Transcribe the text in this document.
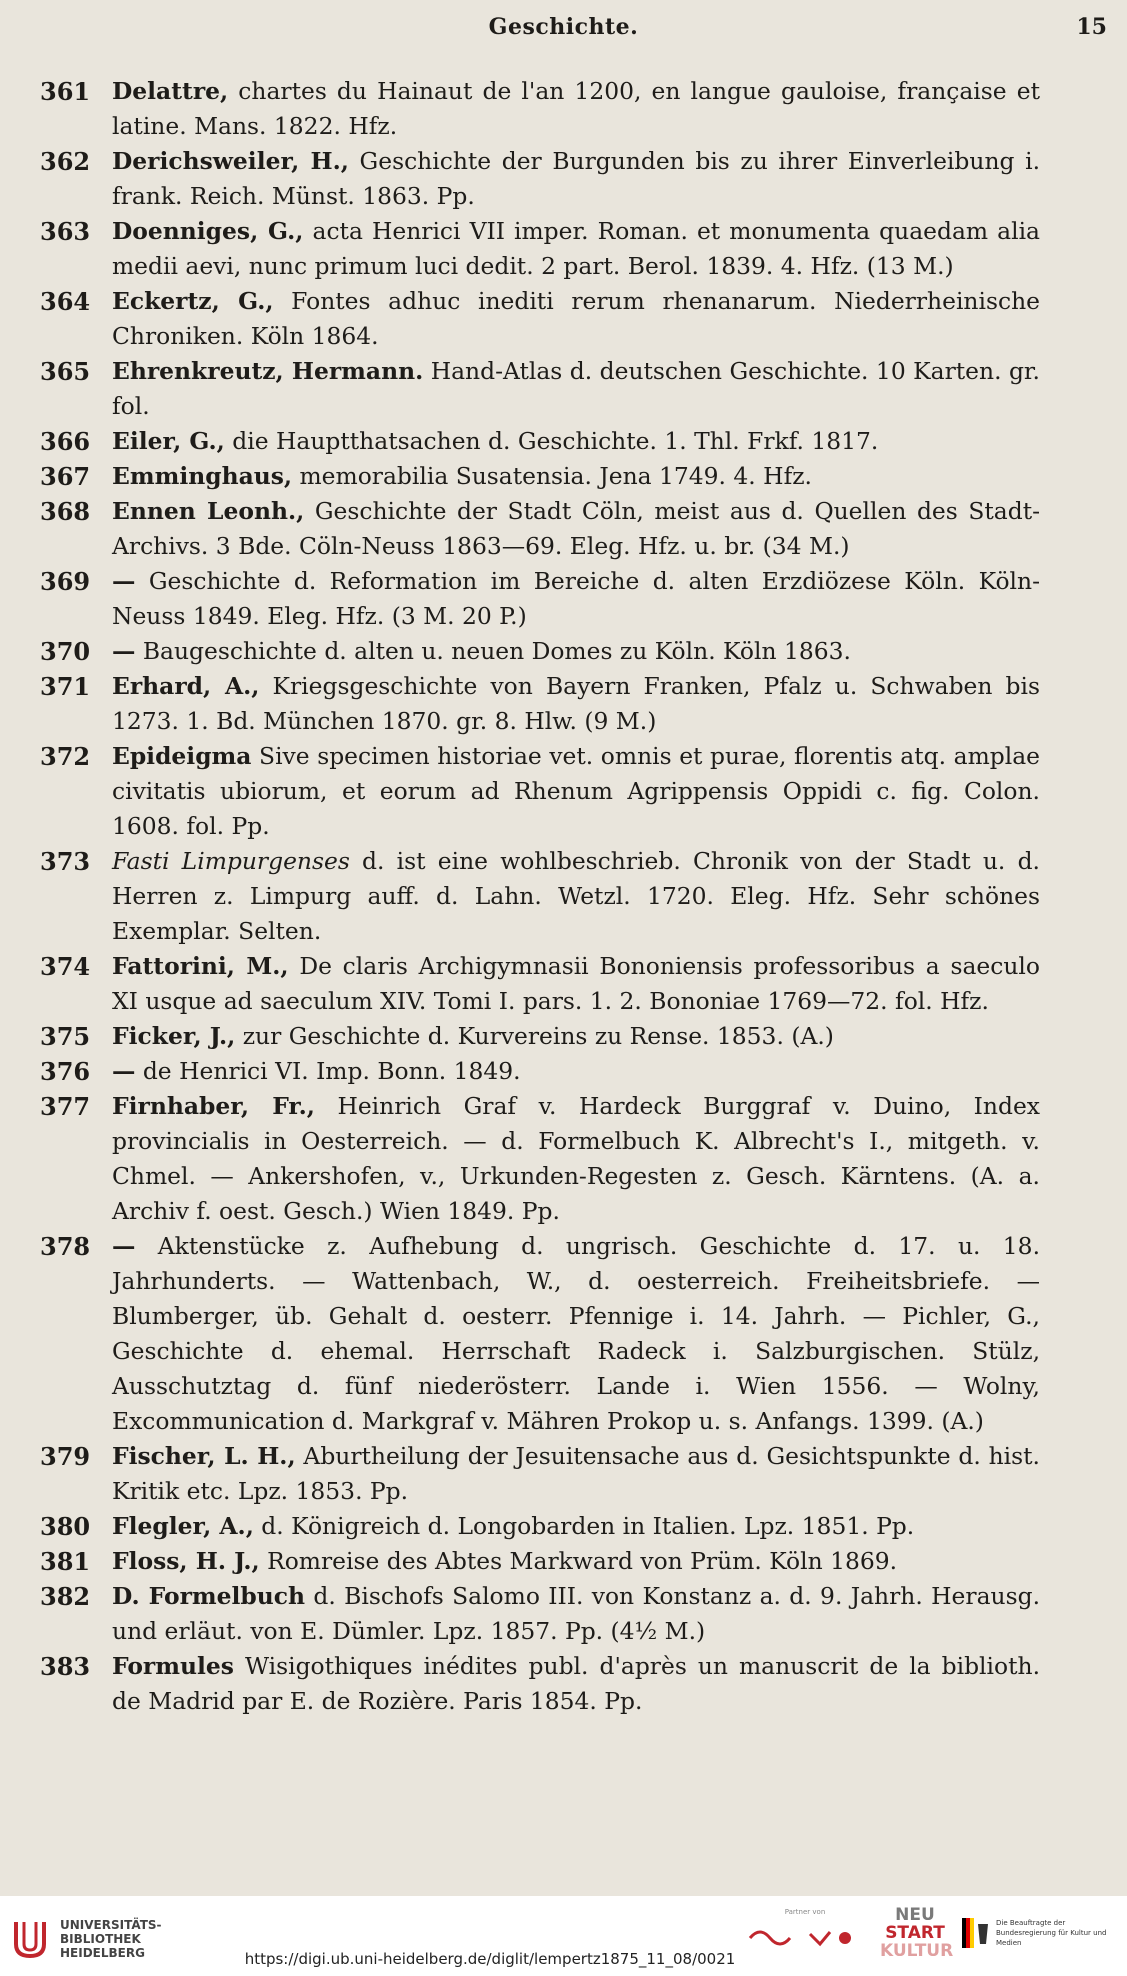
Geschichte.	15
361 Delattre, chartes du Hainaut de l'an 1200, en langue gauloise, française et latine. Mans. 1822. Hfz.
362 Derichsweiler, H., Geschichte der Burgunden bis zu ihrer Einverleibung i. frank. Reich. Münst. 1863. Pp.
363 Doenniges, G., acta Henrici VII imper. Roman. et monumenta quaedam alia medii aevi, nunc primum luci dedit. 2 part. Berol. 1839. 4. Hfz. (13 M.)
364 Eckertz, G., Fontes adhuc inediti rerum rhenanarum. Niederrheinische Chroniken. Köln 1864.
365 Ehrenkreutz, Hermann. Hand-Atlas d. deutschen Geschichte. 10 Karten. gr. fol.
366 Eiler, G., die Hauptthatsachen d. Geschichte. 1. Thl. Frkf. 1817.
367 Emminghaus, memorabilia Susatensia. Jena 1749. 4. Hfz.
368 Ennen Leonh., Geschichte der Stadt Cöln, meist aus d. Quellen des Stadt-Archivs. 3 Bde. Cöln-Neuss 1863—69. Eleg. Hfz. u. br. (34 M.)
369 — Geschichte d. Reformation im Bereiche d. alten Erzdiözese Köln. Köln-Neuss 1849. Eleg. Hfz. (3 M. 20 P.)
370 — Baugeschichte d. alten u. neuen Domes zu Köln. Köln 1863.
371 Erhard, A., Kriegsgeschichte von Bayern Franken, Pfalz u. Schwaben bis 1273. 1. Bd. München 1870. gr. 8. Hlw. (9 M.)
372 Epideigma Sive specimen historiae vet. omnis et purae, florentis atq. amplae civitatis ubiorum, et eorum ad Rhenum Agrippensis Oppidi c. fig. Colon. 1608. fol. Pp.
373 Fasti Limpurgenses d. ist eine wohlbeschrieb. Chronik von der Stadt u. d. Herren z. Limpurg auff. d. Lahn. Wetzl. 1720. Eleg. Hfz. Sehr schönes Exemplar. Selten.
374 Fattorini, M., De claris Archigymnasii Bononiensis professoribus a saeculo XI usque ad saeculum XIV. Tomi I. pars. 1. 2. Bononiae 1769—72. fol. Hfz.
375 Ficker, J., zur Geschichte d. Kurvereins zu Rense. 1853. (A.)
376 — de Henrici VI. Imp. Bonn. 1849.
377 Firnhaber, Fr., Heinrich Graf v. Hardeck Burggraf v. Duino, Index provincialis in Oesterreich. — d. Formelbuch K. Albrecht's I., mitgeth. v. Chmel. — Ankershofen, v., Urkunden-Regesten z. Gesch. Kärntens. (A. a. Archiv f. oest. Gesch.) Wien 1849. Pp.
378 — Aktenstücke z. Aufhebung d. ungrisch. Geschichte d. 17. u. 18. Jahrhunderts. — Wattenbach, W., d. oesterreich. Freiheitsbriefe. — Blumberger, üb. Gehalt d. oesterr. Pfennige i. 14. Jahrh. — Pichler, G., Geschichte d. ehemal. Herrschaft Radeck i. Salzburgischen. Stülz, Ausschutztag d. fünf niederösterr. Lande i. Wien 1556. — Wolny, Excommunication d. Markgraf v. Mähren Prokop u. s. Anfangs. 1399. (A.)
379 Fischer, L. H., Aburtheilung der Jesuitensache aus d. Gesichtspunkte d. hist. Kritik etc. Lpz. 1853. Pp.
380 Flegler, A., d. Königreich d. Longobarden in Italien. Lpz. 1851. Pp.
381 Floss, H. J., Romreise des Abtes Markward von Prüm. Köln 1869.
382 D. Formelbuch d. Bischofs Salomo III. von Konstanz a. d. 9. Jahrh. Herausg. und erläut. von E. Dümler. Lpz. 1857. Pp. (4½ M.)
383 Formules Wisigothiques inédites publ. d'après un manuscrit de la biblioth. de Madrid par E. de Rozière. Paris 1854. Pp.
UNIVERSITÄTS-
BIBLIOTHEK
HEIDELBERG
Partner von	NEU
START
KULTUR
Die Beauftragte der Bundesregierung für Kultur und Medien
https://digi.ub.uni-heidelberg.de/diglit/lempertz1875_11_08/0021
